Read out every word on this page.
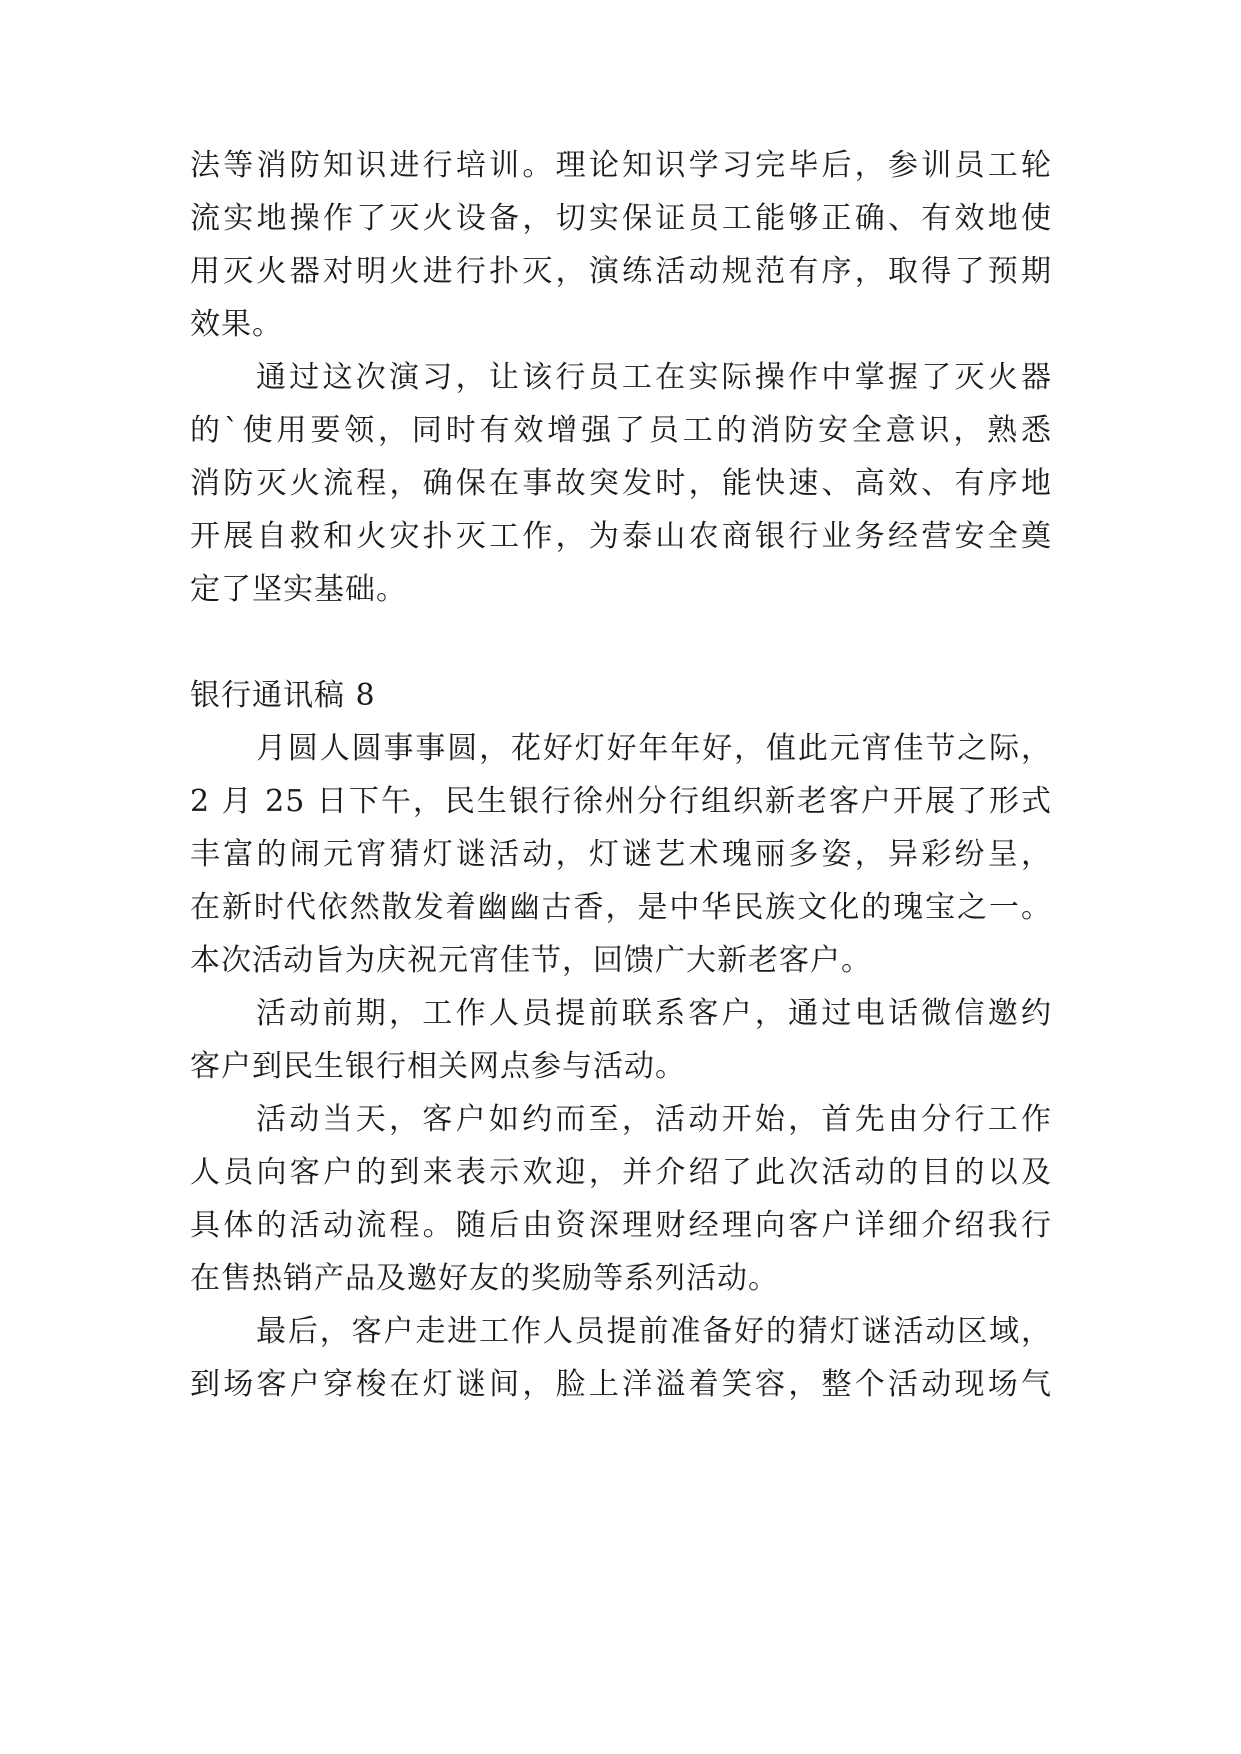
法等消防知识进行培训。理论知识学习完毕后，参训员工轮
流实地操作了灭火设备，切实保证员工能够正确、有效地使
用灭火器对明火进行扑灭，演练活动规范有序，取得了预期
效果。
通过这次演习，让该行员工在实际操作中掌握了灭火器
的`使用要领，同时有效增强了员工的消防安全意识，熟悉
消防灭火流程，确保在事故突发时，能快速、高效、有序地
开展自救和火灾扑灭工作，为泰山农商银行业务经营安全奠
定了坚实基础。
银行通讯稿 8
月圆人圆事事圆，花好灯好年年好，值此元宵佳节之际，
2 月 25 日下午，民生银行徐州分行组织新老客户开展了形式
丰富的闹元宵猜灯谜活动，灯谜艺术瑰丽多姿，异彩纷呈，
在新时代依然散发着幽幽古香，是中华民族文化的瑰宝之一。
本次活动旨为庆祝元宵佳节，回馈广大新老客户。
活动前期，工作人员提前联系客户，通过电话微信邀约
客户到民生银行相关网点参与活动。
活动当天，客户如约而至，活动开始，首先由分行工作
人员向客户的到来表示欢迎，并介绍了此次活动的目的以及
具体的活动流程。随后由资深理财经理向客户详细介绍我行
在售热销产品及邀好友的奖励等系列活动。
最后，客户走进工作人员提前准备好的猜灯谜活动区域，
到场客户穿梭在灯谜间，脸上洋溢着笑容，整个活动现场气
